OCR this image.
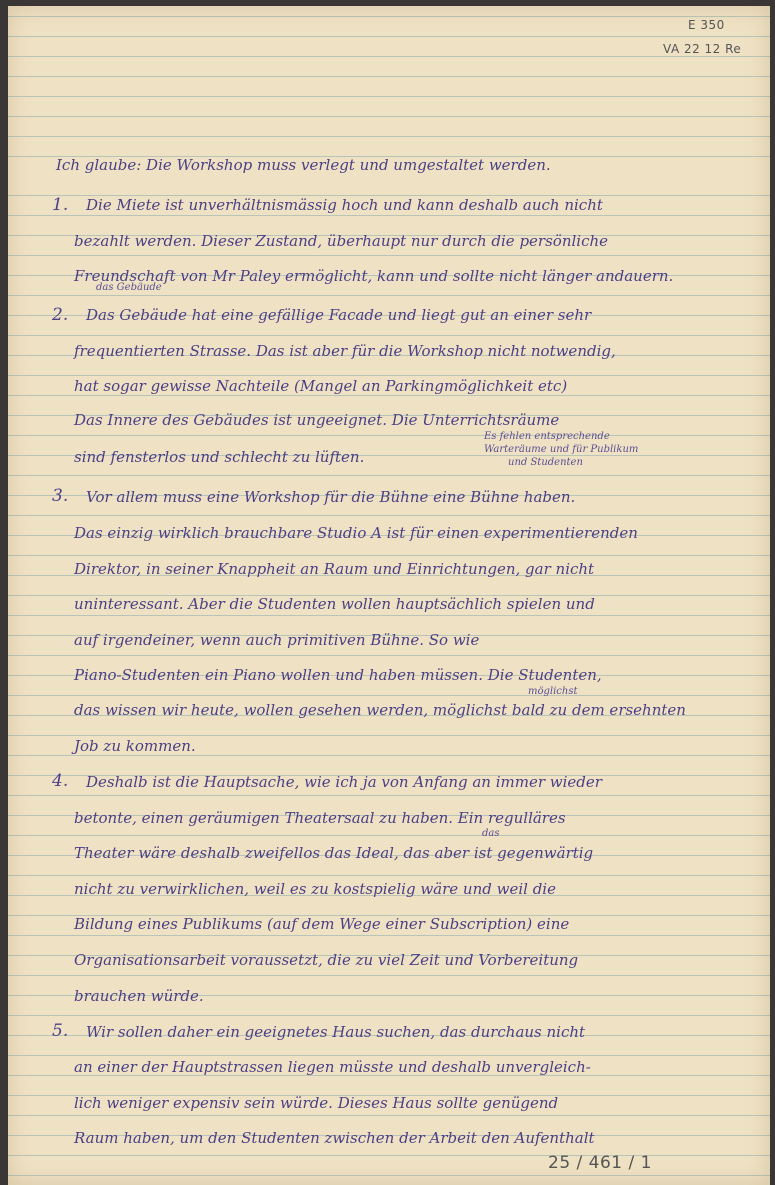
E 350
VA 22 12 Re
Ich glaube: Die Workshop muss verlegt und umgestaltet werden.
1. Die Miete ist unverhältnismässig hoch und kann deshalb auch nicht
bezahlt werden. Dieser Zustand, überhaupt nur durch die persönliche
Freundschaft von Mr Paley ermöglicht, kann und sollte nicht länger andauern.
das Gebäude
2. Das Gebäude hat eine gefällige Facade und liegt gut an einer sehr
frequentierten Strasse. Das ist aber für die Workshop nicht notwendig,
hat sogar gewisse Nachteile (Mangel an Parkingmöglichkeit etc)
Das Innere des Gebäudes ist ungeeignet. Die Unterrichtsräume
Es fehlen entsprechende
Warteräume und für Publikum
und Studenten
sind fensterlos und schlecht zu lüften.
3. Vor allem muss eine Workshop für die Bühne eine Bühne haben.
Das einzig wirklich brauchbare Studio A ist für einen experimentierenden
Direktor, in seiner Knappheit an Raum und Einrichtungen, gar nicht
uninteressant. Aber die Studenten wollen hauptsächlich spielen und
auf irgendeiner, wenn auch primitiven Bühne. So wie
Piano-Studenten ein Piano wollen und haben müssen. Die Studenten,
möglichst
das wissen wir heute, wollen gesehen werden, möglichst bald zu dem ersehnten
Job zu kommen.
4. Deshalb ist die Hauptsache, wie ich ja von Anfang an immer wieder
betonte, einen geräumigen Theatersaal zu haben. Ein regulläres
das
Theater wäre deshalb zweifellos das Ideal, das aber ist gegenwärtig
nicht zu verwirklichen, weil es zu kostspielig wäre und weil die
Bildung eines Publikums (auf dem Wege einer Subscription) eine
Organisationsarbeit voraussetzt, die zu viel Zeit und Vorbereitung
brauchen würde.
5. Wir sollen daher ein geeignetes Haus suchen, das durchaus nicht
an einer der Hauptstrassen liegen müsste und deshalb unvergleich-
lich weniger expensiv sein würde. Dieses Haus sollte genügend
Raum haben, um den Studenten zwischen der Arbeit den Aufenthalt
25 / 461 / 1
